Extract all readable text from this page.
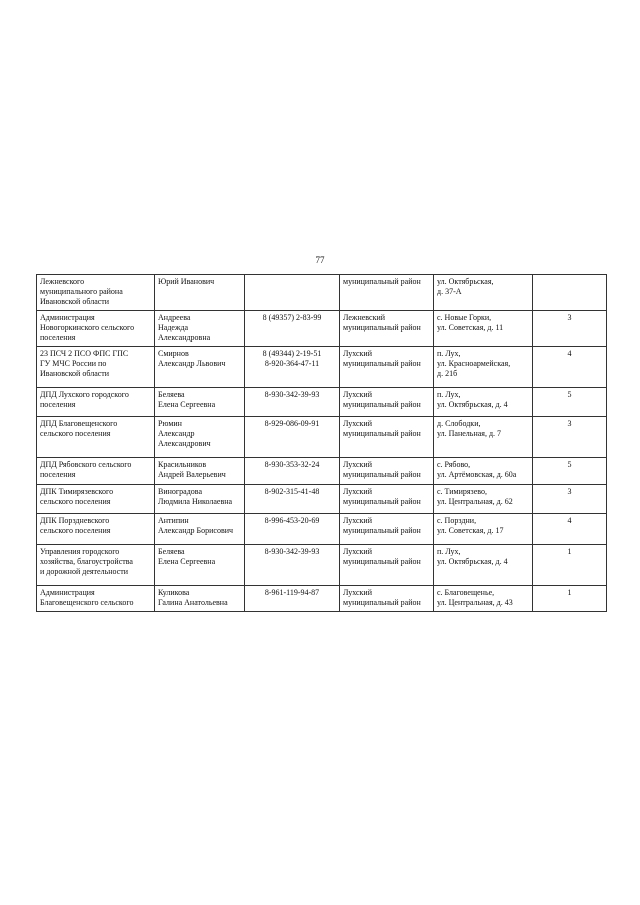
77
Лежневского
муниципального района
Ивановской области	Юрий Иванович		муниципальный район	ул. Октябрьская,
д. 37-А	

Администрация
Новогоркинского сельского
поселения	Андреева
Надежда
Александровна	8 (49357) 2-83-99	Лежневский
муниципальный район	с. Новые Горки,
ул. Советская, д. 11	3

23 ПСЧ 2 ПСО ФПС ГПС
ГУ МЧС России по
Ивановской области	Смирнов
Александр Львович	8 (49344) 2-19-51
8-920-364-47-11	Лухский
муниципальный район	п. Лух,
ул. Красноармейская,
д. 21б	4

ДПД Лухского городского
поселения	Беляева
Елена Сергеевна	8-930-342-39-93	Лухский
муниципальный район	п. Лух,
ул. Октябрьская, д. 4	5

ДПД Благовещенского
сельского поселения	Рюмин
Александр
Александрович	8-929-086-09-91	Лухский
муниципальный район	д. Слободки,
ул. Панельная, д. 7	3

ДПД Рябовского сельского
поселения	Красильников
Андрей Валерьевич	8-930-353-32-24	Лухский
муниципальный район	с. Рябово,
ул. Артёмовская, д. 60а	5

ДПК Тимирязевского
сельского поселения	Виноградова
Людмила Николаевна	8-902-315-41-48	Лухский
муниципальный район	с. Тимирязево,
ул. Центральная, д. 62	3

ДПК Порздневского
сельского поселения	Антипин
Александр Борисович	8-996-453-20-69	Лухский
муниципальный район	с. Порздни,
ул. Советская, д. 17	4

Управления городского
хозяйства, благоустройства
и дорожной деятельности	Беляева
Елена Сергеевна	8-930-342-39-93	Лухский
муниципальный район	п. Лух,
ул. Октябрьская, д. 4	1

Администрация
Благовещенского сельского	Куликова
Галина Анатольевна	8-961-119-94-87	Лухский
муниципальный район	с. Благовещенье,
ул. Центральная, д. 43	1
